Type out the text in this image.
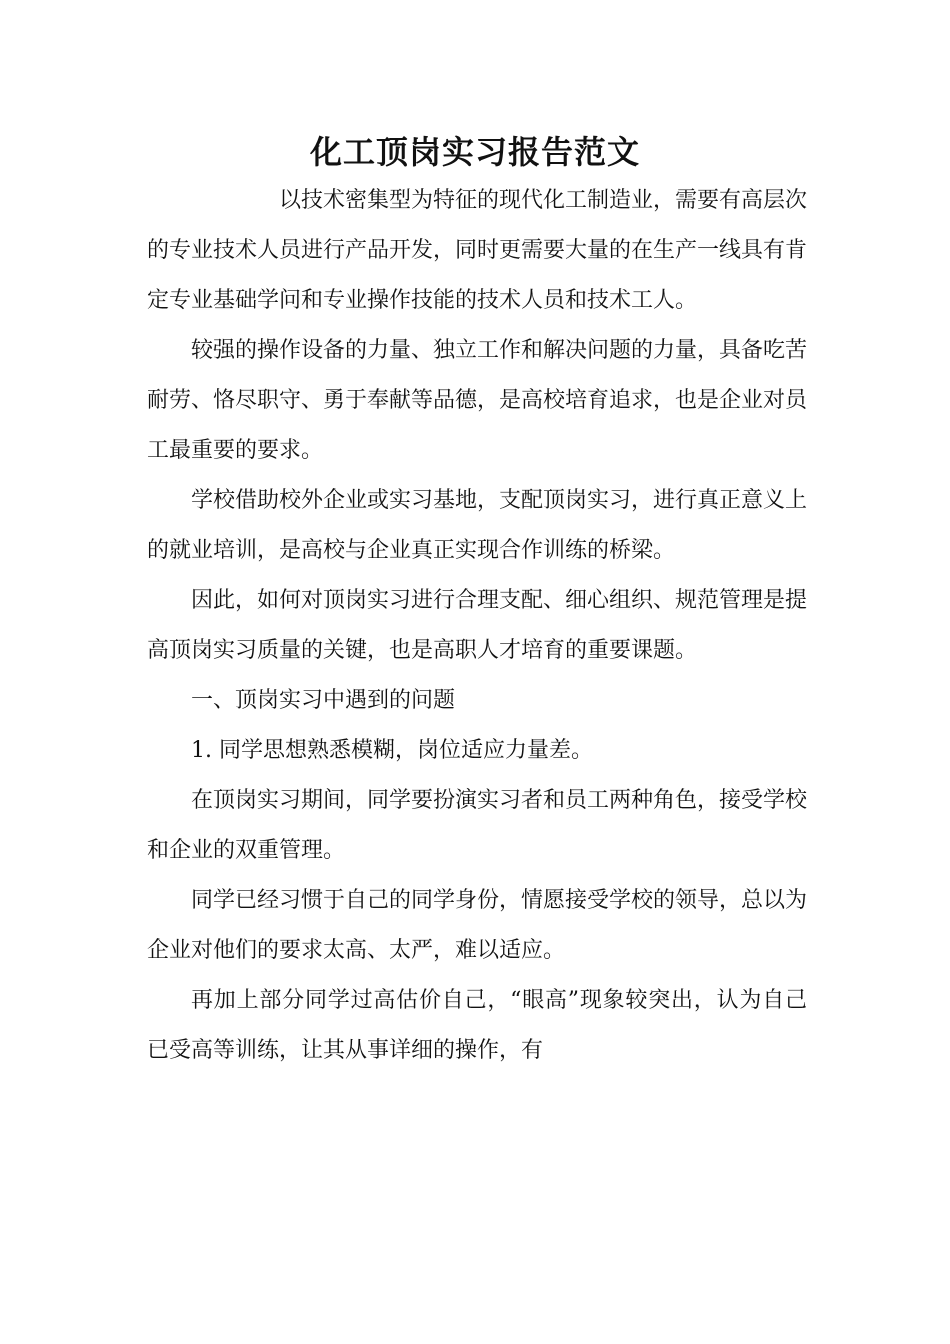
化工顶岗实习报告范文

以技术密集型为特征的现代化工制造业，需要有高层次的专业技术人员进行产品开发，同时更需要大量的在生产一线具有肯定专业基础学问和专业操作技能的技术人员和技术工人。

较强的操作设备的力量、独立工作和解决问题的力量，具备吃苦耐劳、恪尽职守、勇于奉献等品德，是高校培育追求，也是企业对员工最重要的要求。

学校借助校外企业或实习基地，支配顶岗实习，进行真正意义上的就业培训，是高校与企业真正实现合作训练的桥梁。

因此，如何对顶岗实习进行合理支配、细心组织、规范管理是提高顶岗实习质量的关键，也是高职人才培育的重要课题。

一、顶岗实习中遇到的问题

1. 同学思想熟悉模糊，岗位适应力量差。

在顶岗实习期间，同学要扮演实习者和员工两种角色，接受学校和企业的双重管理。

同学已经习惯于自己的同学身份，情愿接受学校的领导，总以为企业对他们的要求太高、太严，难以适应。

再加上部分同学过高估价自己，“眼高”现象较突出，认为自己已受高等训练，让其从事详细的操作，有
